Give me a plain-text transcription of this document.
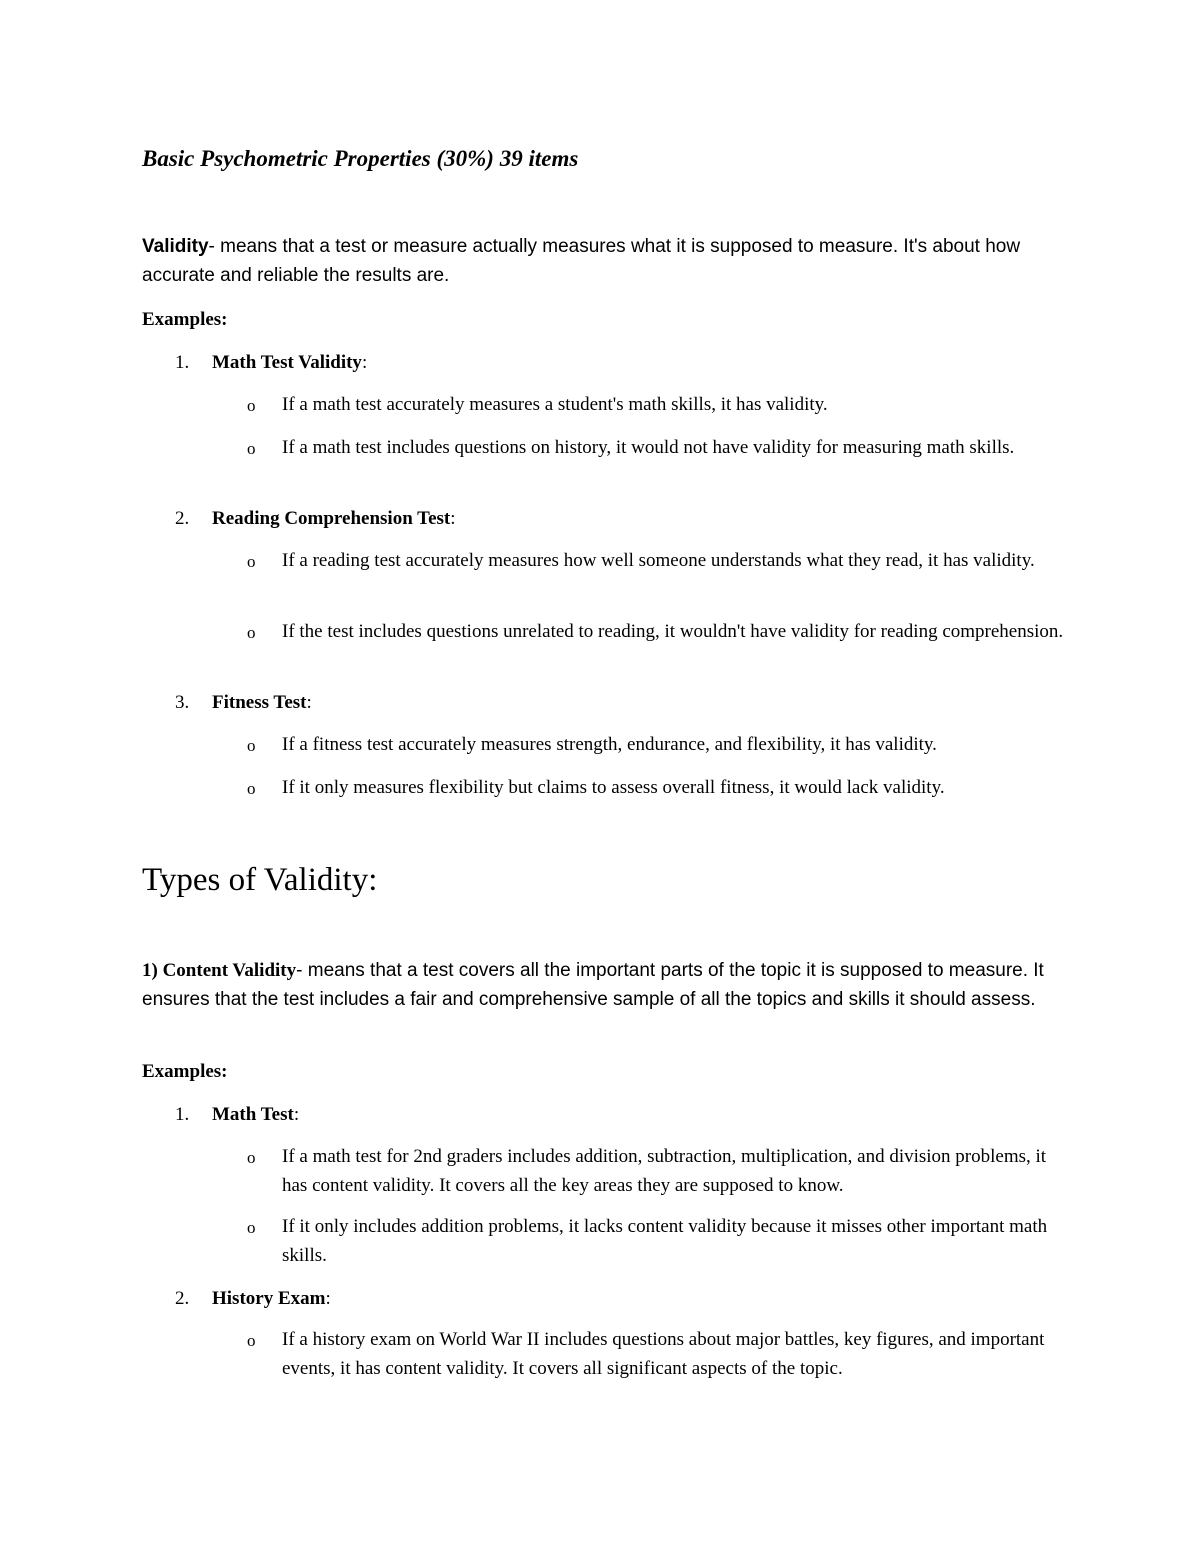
Basic Psychometric Properties (30%) 39 items

Validity- means that a test or measure actually measures what it is supposed to measure. It's about how accurate and reliable the results are.

Examples:

1.	Math Test Validity:

o If a math test accurately measures a student's math skills, it has validity.

o If a math test includes questions on history, it would not have validity for measuring math skills.

2.	Reading Comprehension Test:

o If a reading test accurately measures how well someone understands what they read, it has validity.

o If the test includes questions unrelated to reading, it wouldn't have validity for reading comprehension.

3.	Fitness Test:

o If a fitness test accurately measures strength, endurance, and flexibility, it has validity.

o If it only measures flexibility but claims to assess overall fitness, it would lack validity.

Types of Validity:

1) Content Validity- means that a test covers all the important parts of the topic it is supposed to measure. It ensures that the test includes a fair and comprehensive sample of all the topics and skills it should assess.

Examples:

1.	Math Test:

o If a math test for 2nd graders includes addition, subtraction, multiplication, and division problems, it has content validity. It covers all the key areas they are supposed to know.

o If it only includes addition problems, it lacks content validity because it misses other important math skills.

2.	History Exam:

o If a history exam on World War II includes questions about major battles, key figures, and important events, it has content validity. It covers all significant aspects of the topic.
